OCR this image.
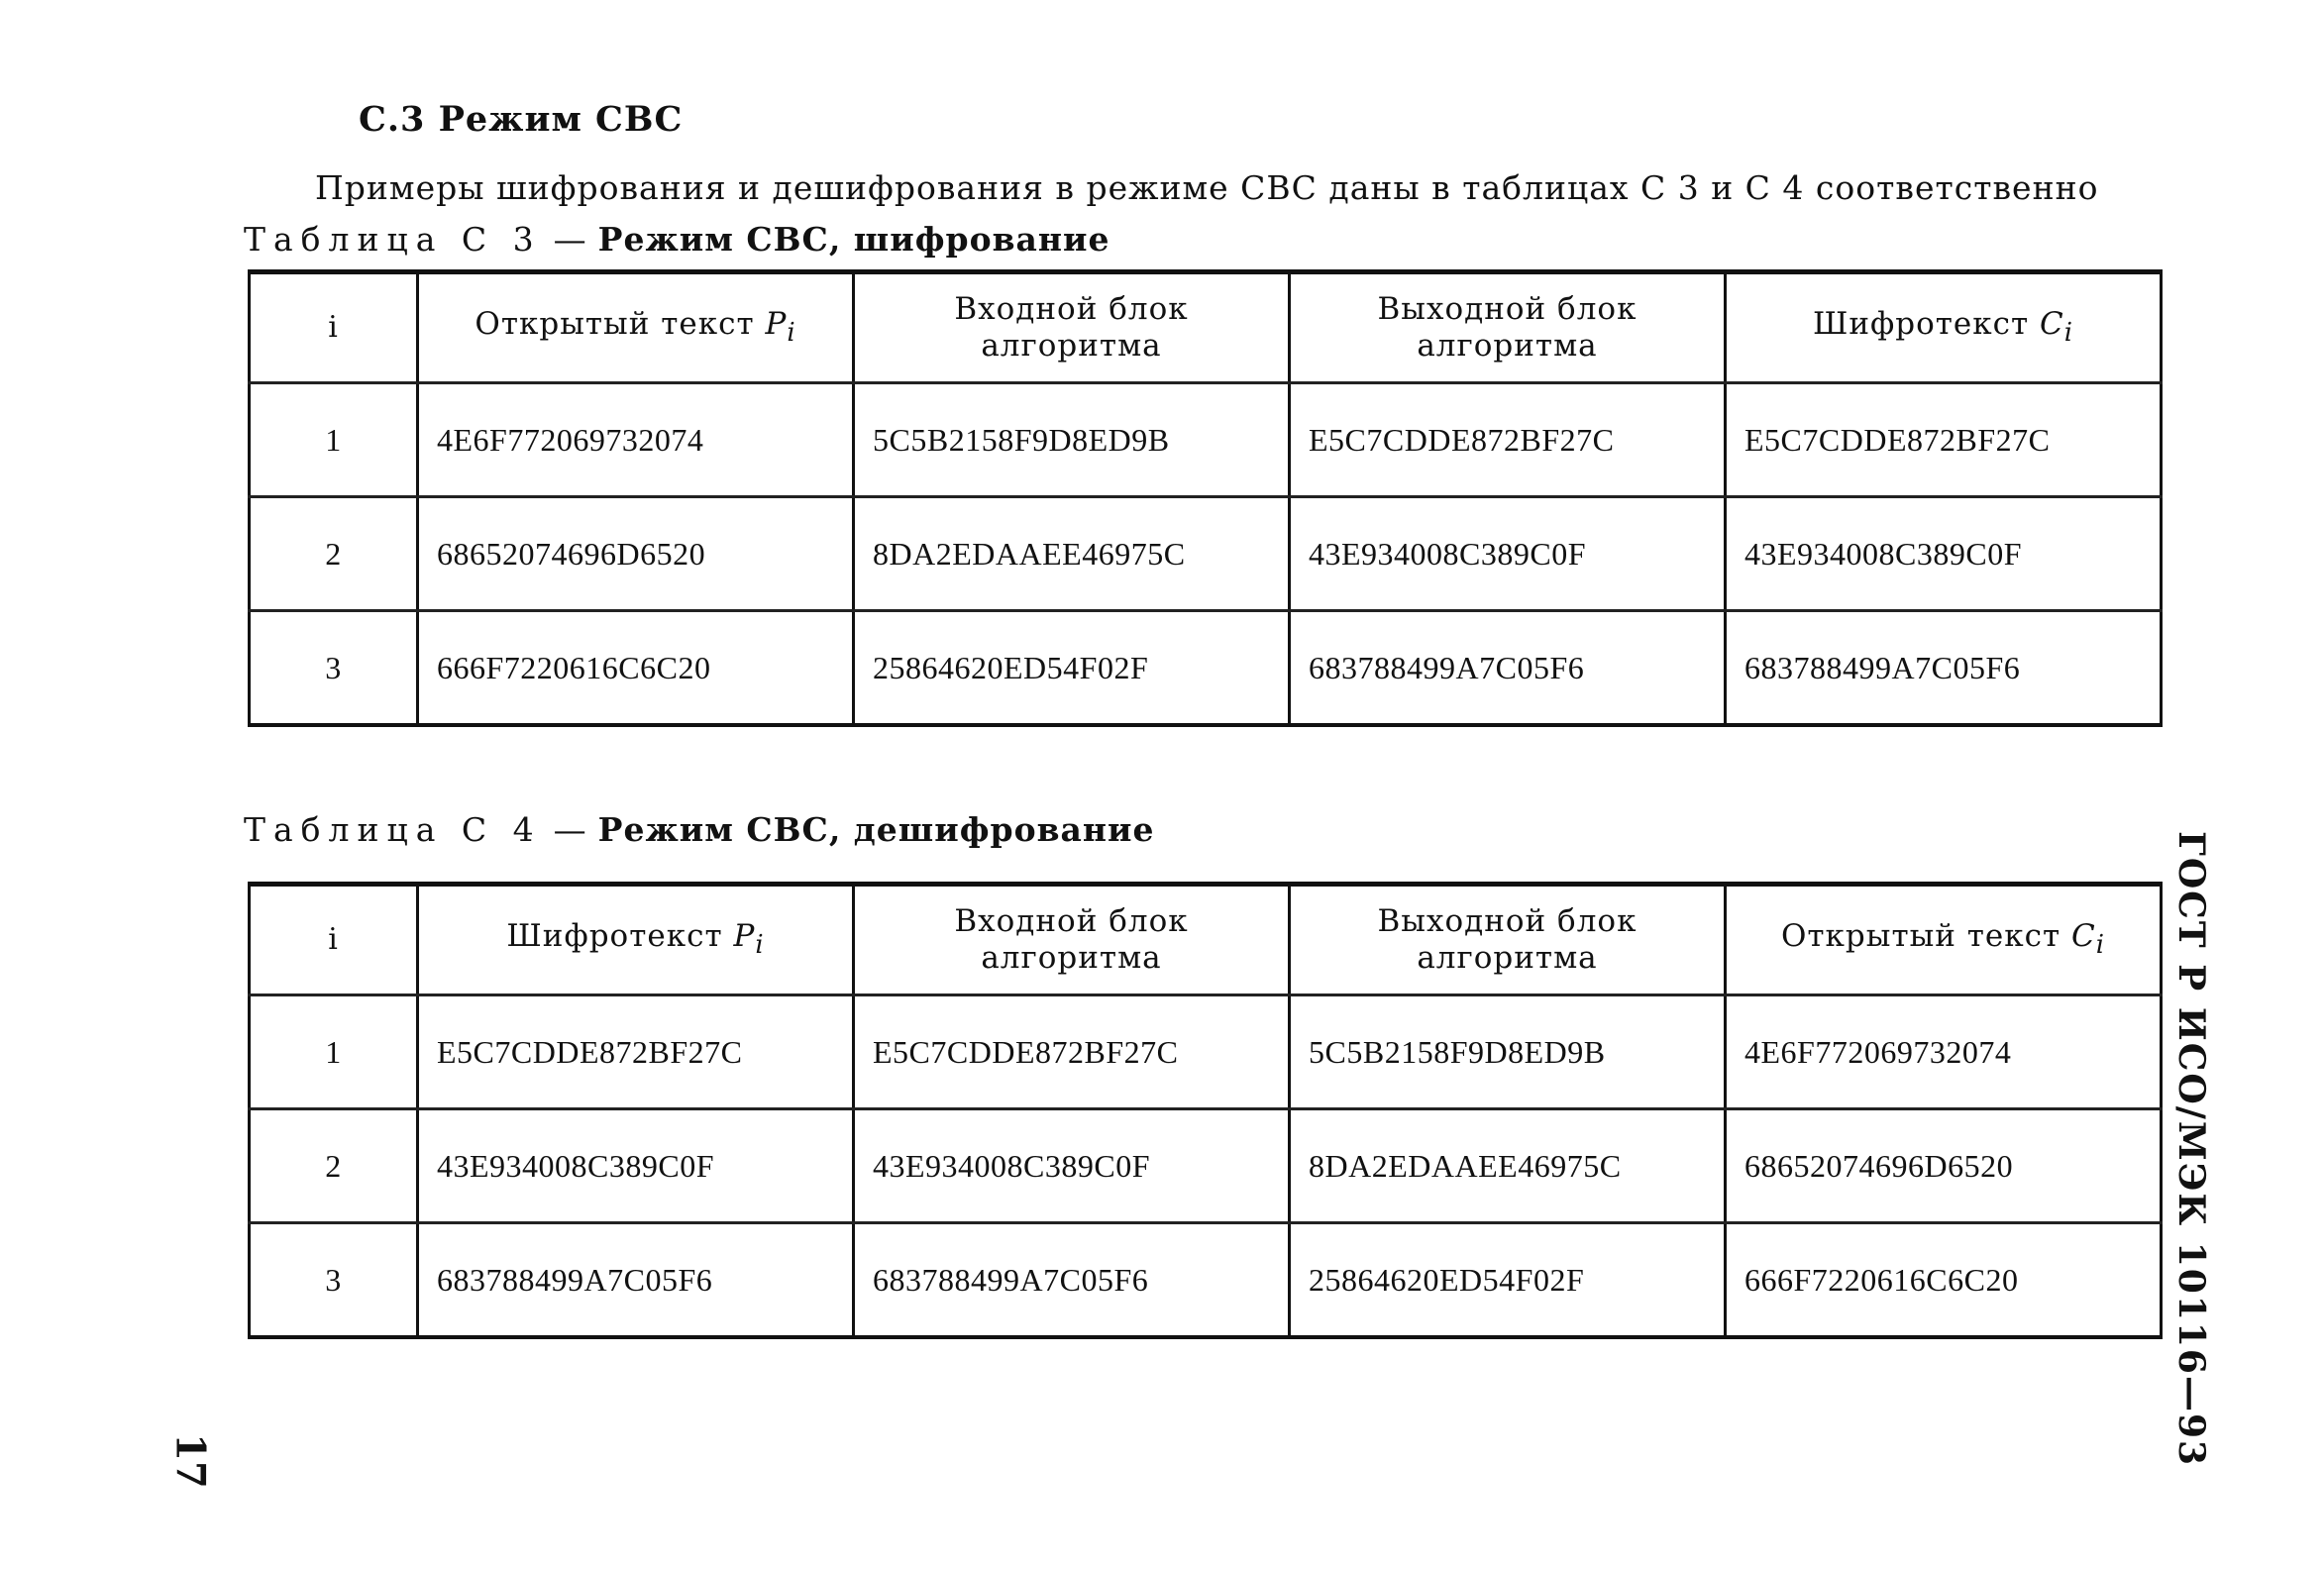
С.3 Режим СВС
Примеры шифрования и дешифрования в режиме СВС даны в таблицах С 3 и С 4 соответственно
Таблица С 3 — Режим СВС, шифрование
i	Открытый текст $P_i$	Входной блок алгоритма	Выходной блок алгоритма	Шифротекст $C_i$
1	4E6F772069732074	5C5B2158F9D8ED9B	E5C7CDDE872BF27C	E5C7CDDE872BF27C
2	68652074696D6520	8DA2EDAAEE46975C	43E934008C389C0F	43E934008C389C0F
3	666F7220616C6C20	25864620ED54F02F	683788499A7C05F6	683788499A7C05F6
Таблица С 4 — Режим СВС, дешифрование
i	Шифротекст $P_i$	Входной блок алгоритма	Выходной блок алгоритма	Открытый текст $C_i$
1	E5C7CDDE872BF27C	E5C7CDDE872BF27C	5C5B2158F9D8ED9B	4E6F772069732074
2	43E934008C389C0F	43E934008C389C0F	8DA2EDAAEE46975C	68652074696D6520
3	683788499A7C05F6	683788499A7C05F6	25864620ED54F02F	666F7220616C6C20	ГОСТ Р ИСО/МЭК 10116—93
17
